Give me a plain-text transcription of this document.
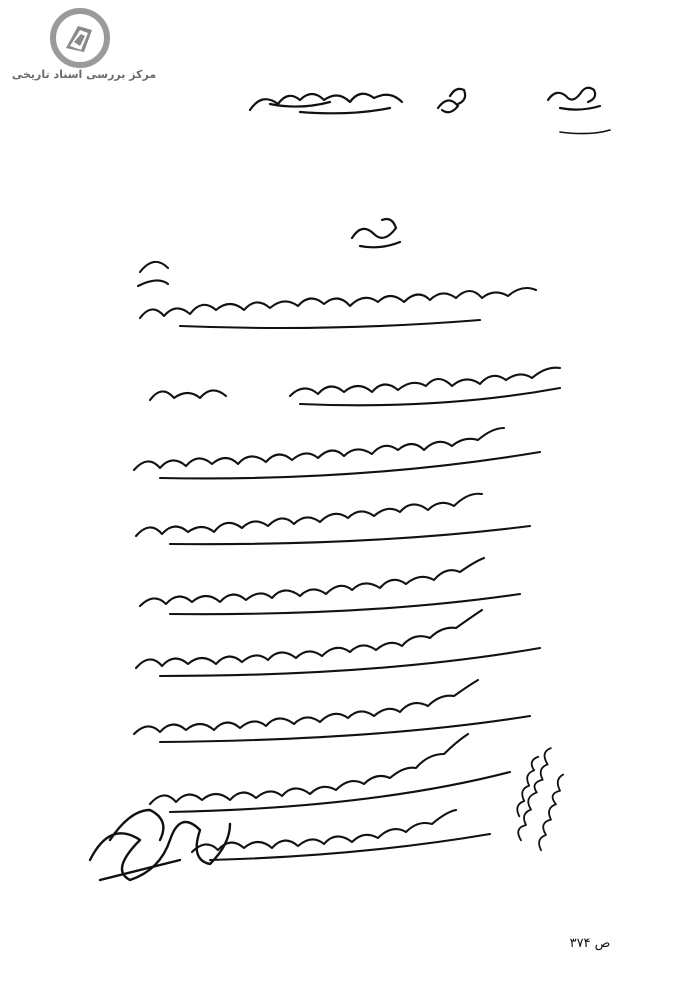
مرکز بررسی اسناد تاریخی
ص ۳۷۴
